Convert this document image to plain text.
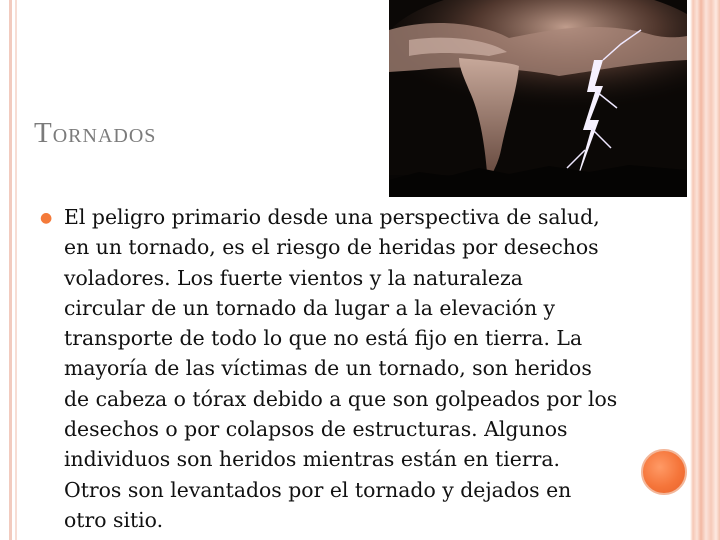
Tornados
● El peligro primario desde una perspectiva de salud,
en un tornado, es el riesgo de heridas por desechos
voladores. Los fuerte vientos y la naturaleza
circular de un tornado da lugar a la elevación y
transporte de todo lo que no está fijo en tierra. La
mayoría de las víctimas de un tornado, son heridos
de cabeza o tórax debido a que son golpeados por los
desechos o por colapsos de estructuras. Algunos
individuos son heridos mientras están en tierra.
Otros son levantados por el tornado y dejados en
otro sitio.
